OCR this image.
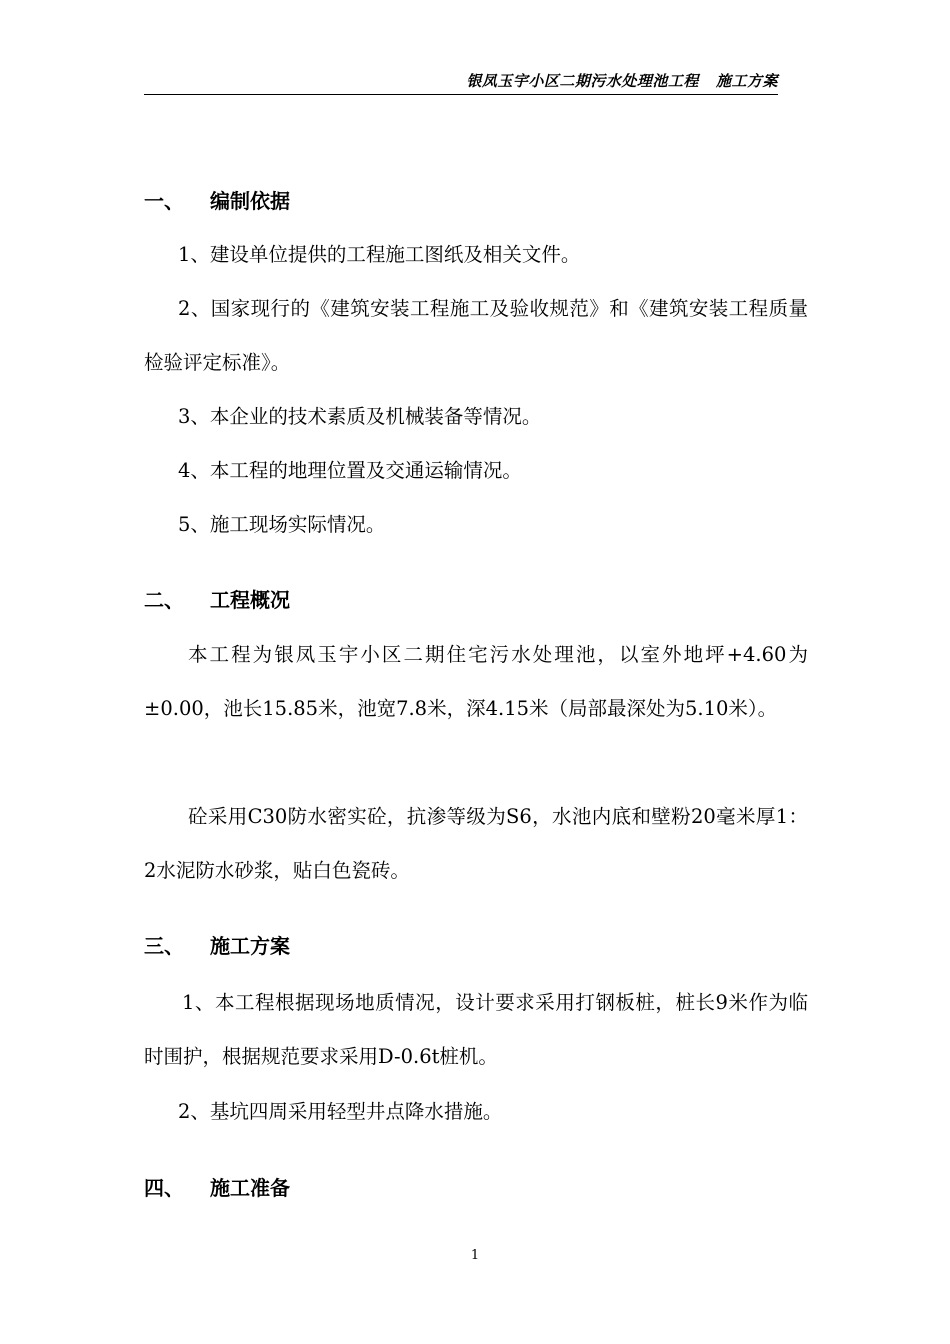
银凤玉宇小区二期污水处理池工程   施工方案
一、 编制依据

1、建设单位提供的工程施工图纸及相关文件。

2、国家现行的《建筑安装工程施工及验收规范》和《建筑安装工程质量检验评定标准》。

3、本企业的技术素质及机械装备等情况。

4、本工程的地理位置及交通运输情况。

5、施工现场实际情况。

二、 工程概况

本工程为银凤玉宇小区二期住宅污水处理池，以室外地坪+4.60为±0.00，池长15.85米，池宽7.8米，深4.15米（局部最深处为5.10米）。

砼采用C30防水密实砼，抗渗等级为S6，水池内底和壁粉20毫米厚1：2水泥防水砂浆，贴白色瓷砖。

三、 施工方案

1、本工程根据现场地质情况，设计要求采用打钢板桩，桩长9米作为临时围护，根据规范要求采用D-0.6t桩机。

2、基坑四周采用轻型井点降水措施。

四、 施工准备
1
